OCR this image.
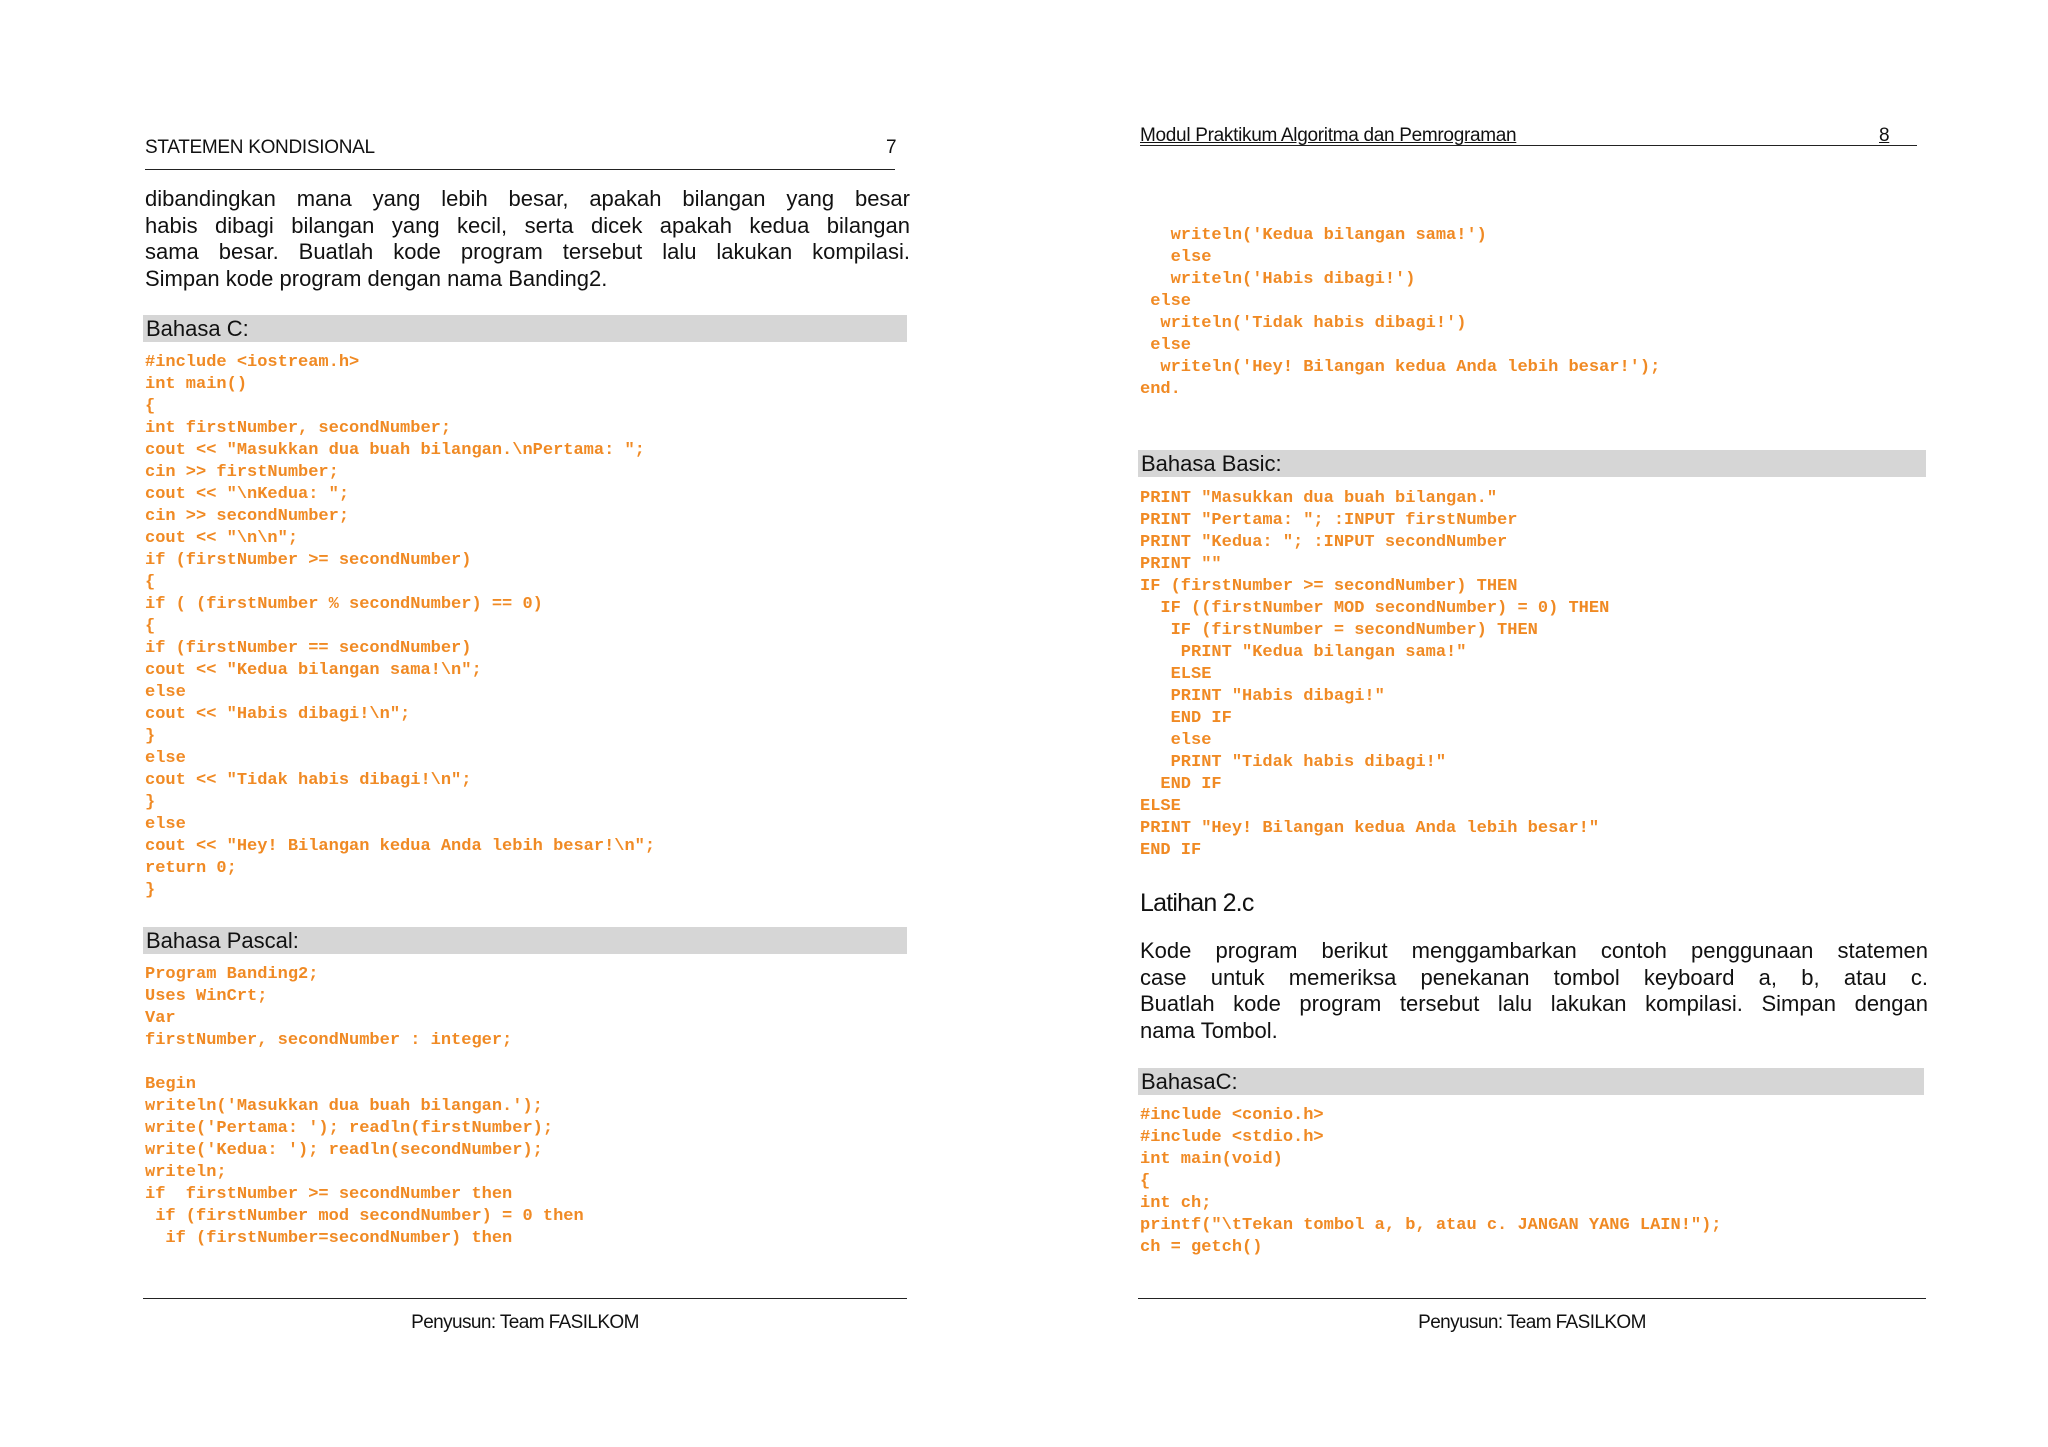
STATEMEN KONDISIONAL	7
dibandingkan mana yang lebih besar, apakah bilangan yang besar
habis dibagi bilangan yang kecil, serta dicek apakah kedua bilangan
sama besar. Buatlah kode program tersebut lalu lakukan kompilasi.
Simpan kode program dengan nama Banding2.
Bahasa C:
#include <iostream.h>
int main()
{
int firstNumber, secondNumber;
cout << "Masukkan dua buah bilangan.\nPertama: ";
cin >> firstNumber;
cout << "\nKedua: ";
cin >> secondNumber;
cout << "\n\n";
if (firstNumber >= secondNumber)
{
if ( (firstNumber % secondNumber) == 0)
{
if (firstNumber == secondNumber)
cout << "Kedua bilangan sama!\n";
else
cout << "Habis dibagi!\n";
}
else
cout << "Tidak habis dibagi!\n";
}
else
cout << "Hey! Bilangan kedua Anda lebih besar!\n";
return 0;
}
Bahasa Pascal:
Program Banding2;
Uses WinCrt;
Var
firstNumber, secondNumber : integer;
Begin
writeln('Masukkan dua buah bilangan.');
write('Pertama: '); readln(firstNumber);
write('Kedua: '); readln(secondNumber);
writeln;
if  firstNumber >= secondNumber then
if (firstNumber mod secondNumber) = 0 then
if (firstNumber=secondNumber) then
Penyusun: Team FASILKOM
Modul Praktikum Algoritma dan Pemrograman	8
writeln('Kedua bilangan sama!')
else
writeln('Habis dibagi!')
else
writeln('Tidak habis dibagi!')
else
writeln('Hey! Bilangan kedua Anda lebih besar!');
end.
Bahasa Basic:
PRINT "Masukkan dua buah bilangan."
PRINT "Pertama: "; :INPUT firstNumber
PRINT "Kedua: "; :INPUT secondNumber
PRINT ""
IF (firstNumber >= secondNumber) THEN
IF ((firstNumber MOD secondNumber) = 0) THEN
IF (firstNumber = secondNumber) THEN
PRINT "Kedua bilangan sama!"
ELSE
PRINT "Habis dibagi!"
END IF
else
PRINT "Tidak habis dibagi!"
END IF
ELSE
PRINT "Hey! Bilangan kedua Anda lebih besar!"
END IF
Latihan 2.c
Kode program berikut menggambarkan contoh penggunaan statemen
case untuk memeriksa penekanan tombol keyboard a, b, atau c.
Buatlah kode program tersebut lalu lakukan kompilasi. Simpan dengan
nama Tombol.
BahasaC:
#include <conio.h>
#include <stdio.h>
int main(void)
{
int ch;
printf("\tTekan tombol a, b, atau c. JANGAN YANG LAIN!");
ch = getch()
Penyusun: Team FASILKOM
